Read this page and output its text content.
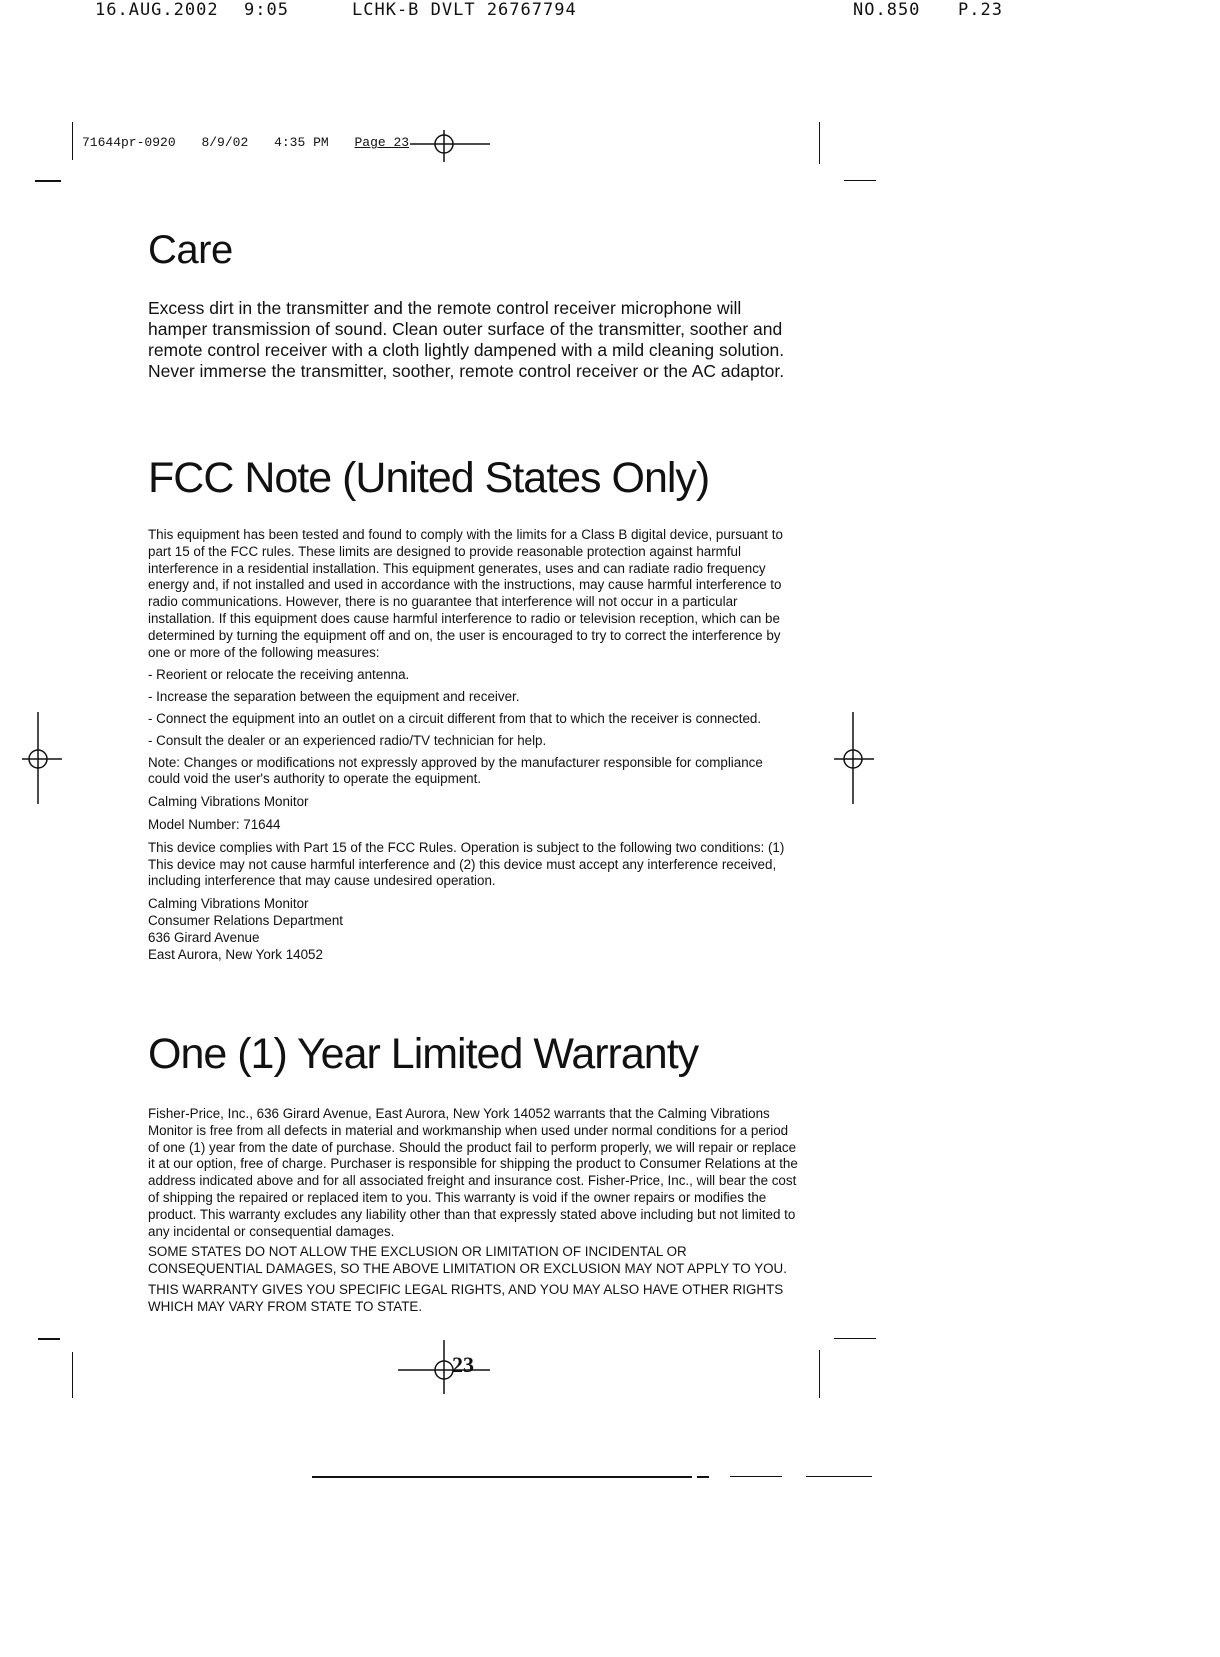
16.AUG.2002 9:05	LCHK-B DVLT 26767794	NO.850 P.23
71644pr-0920 8/9/02 4:35 PM Page 23
Care

Excess dirt in the transmitter and the remote control receiver microphone will hamper transmission of sound. Clean outer surface of the transmitter, soother and remote control receiver with a cloth lightly dampened with a mild cleaning solution. Never immerse the transmitter, soother, remote control receiver or the AC adaptor.

FCC Note (United States Only)

This equipment has been tested and found to comply with the limits for a Class B digital device, pursuant to part 15 of the FCC rules. These limits are designed to provide reasonable protection against harmful interference in a residential installation. This equipment generates, uses and can radiate radio frequency energy and, if not installed and used in accordance with the instructions, may cause harmful interference to radio communications. However, there is no guarantee that interference will not occur in a particular installation. If this equipment does cause harmful interference to radio or television reception, which can be determined by turning the equipment off and on, the user is encouraged to try to correct the interference by one or more of the following measures:

- Reorient or relocate the receiving antenna.
- Increase the separation between the equipment and receiver.
- Connect the equipment into an outlet on a circuit different from that to which the receiver is connected.
- Consult the dealer or an experienced radio/TV technician for help.

Note: Changes or modifications not expressly approved by the manufacturer responsible for compliance could void the user's authority to operate the equipment.

Calming Vibrations Monitor

Model Number: 71644

This device complies with Part 15 of the FCC Rules. Operation is subject to the following two conditions: (1) This device may not cause harmful interference and (2) this device must accept any interference received, including interference that may cause undesired operation.

Calming Vibrations Monitor

Consumer Relations Department

636 Girard Avenue

East Aurora, New York 14052

One (1) Year Limited Warranty

Fisher-Price, Inc., 636 Girard Avenue, East Aurora, New York 14052 warrants that the Calming Vibrations Monitor is free from all defects in material and workmanship when used under normal conditions for a period of one (1) year from the date of purchase. Should the product fail to perform properly, we will repair or replace it at our option, free of charge. Purchaser is responsible for shipping the product to Consumer Relations at the address indicated above and for all associated freight and insurance cost. Fisher-Price, Inc., will bear the cost of shipping the repaired or replaced item to you. This warranty is void if the owner repairs or modifies the product. This warranty excludes any liability other than that expressly stated above including but not limited to any incidental or consequential damages.

SOME STATES DO NOT ALLOW THE EXCLUSION OR LIMITATION OF INCIDENTAL OR CONSEQUENTIAL DAMAGES, SO THE ABOVE LIMITATION OR EXCLUSION MAY NOT APPLY TO YOU.

THIS WARRANTY GIVES YOU SPECIFIC LEGAL RIGHTS, AND YOU MAY ALSO HAVE OTHER RIGHTS WHICH MAY VARY FROM STATE TO STATE.

23
